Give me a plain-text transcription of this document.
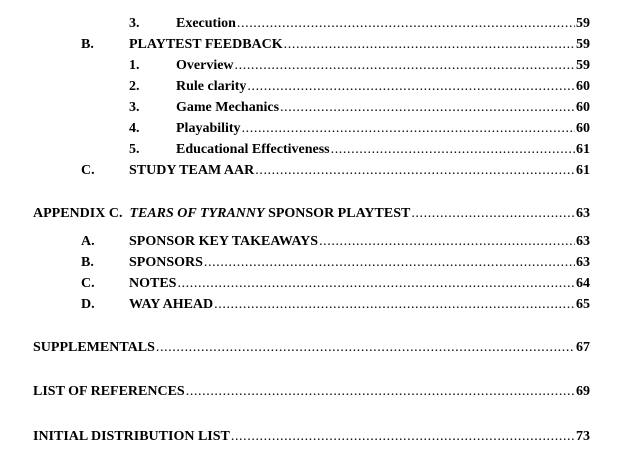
3.	Execution .....	59
B.	PLAYTEST FEEDBACK .....	59
1.	Overview .....	59
2.	Rule clarity .....	60
3.	Game Mechanics .....	60
4.	Playability .....	60
5.	Educational Effectiveness .....	61
C. STUDY TEAM AAR .....	61
APPENDIX C. TEARS OF TYRANNY SPONSOR PLAYTEST .....	63
A. SPONSOR KEY TAKEAWAYS .....	63
B.	SPONSORS .....	63
C. NOTES .....	64
D. WAY AHEAD .....	65
SUPPLEMENTALS .....	67
LIST OF REFERENCES .....	69
INITIAL DISTRIBUTION LIST .....	73
